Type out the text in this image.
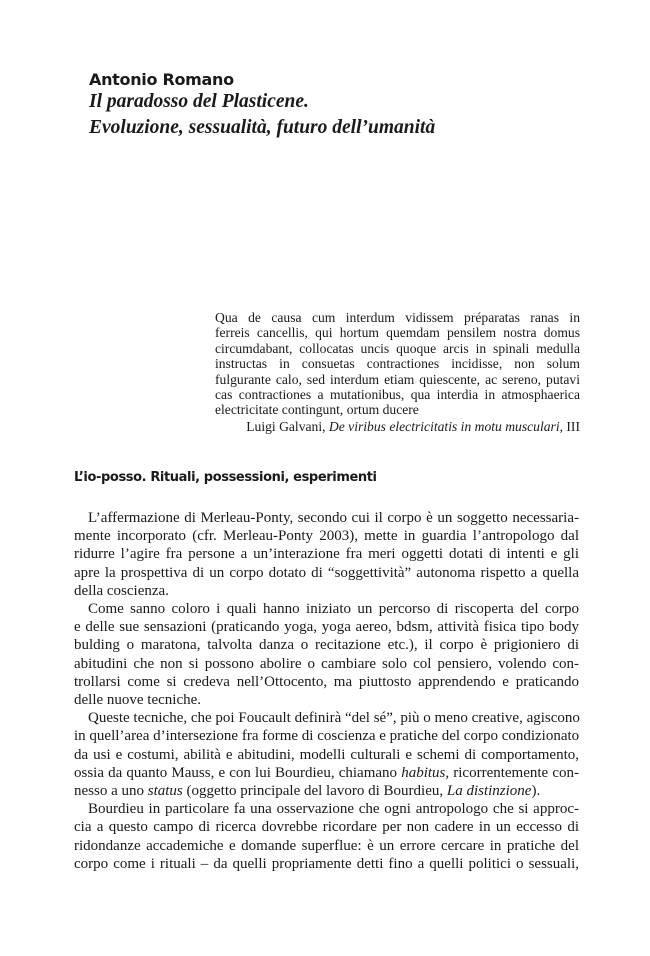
Antonio Romano
Il paradosso del Plasticene.
Evoluzione, sessualità, futuro dell’umanità
Qua de causa cum interdum vidissem préparatas ranas in
ferreis cancellis, qui hortum quemdam pensilem nostra domus
circumdabant, collocatas uncis quoque arcis in spinali medulla
instructas in consuetas contractiones incidisse, non solum
fulgurante calo, sed interdum etiam quiescente, ac sereno, putavi
cas contractiones a mutationibus, qua interdia in atmosphaerica
electricitate contingunt, ortum ducere
Luigi Galvani, De viribus electricitatis in motu musculari, III
L’io-posso. Rituali, possessioni, esperimenti
L’affermazione di Merleau-Ponty, secondo cui il corpo è un soggetto necessaria-
mente incorporato (cfr. Merleau-Ponty 2003), mette in guardia l’antropologo dal
ridurre l’agire fra persone a un’interazione fra meri oggetti dotati di intenti e gli
apre la prospettiva di un corpo dotato di “soggettività” autonoma rispetto a quella
della coscienza.
Come sanno coloro i quali hanno iniziato un percorso di riscoperta del corpo
e delle sue sensazioni (praticando yoga, yoga aereo, bdsm, attività fisica tipo body
bulding o maratona, talvolta danza o recitazione etc.), il corpo è prigioniero di
abitudini che non si possono abolire o cambiare solo col pensiero, volendo con-
trollarsi come si credeva nell’Ottocento, ma piuttosto apprendendo e praticando
delle nuove tecniche.
Queste tecniche, che poi Foucault definirà “del sé”, più o meno creative, agiscono
in quell’area d’intersezione fra forme di coscienza e pratiche del corpo condizionato
da usi e costumi, abilità e abitudini, modelli culturali e schemi di comportamento,
ossia da quanto Mauss, e con lui Bourdieu, chiamano habitus, ricorrentemente con-
nesso a uno status (oggetto principale del lavoro di Bourdieu, La distinzione).
Bourdieu in particolare fa una osservazione che ogni antropologo che si approc-
cia a questo campo di ricerca dovrebbe ricordare per non cadere in un eccesso di
ridondanze accademiche e domande superflue: è un errore cercare in pratiche del
corpo come i rituali – da quelli propriamente detti fino a quelli politici o sessuali,
